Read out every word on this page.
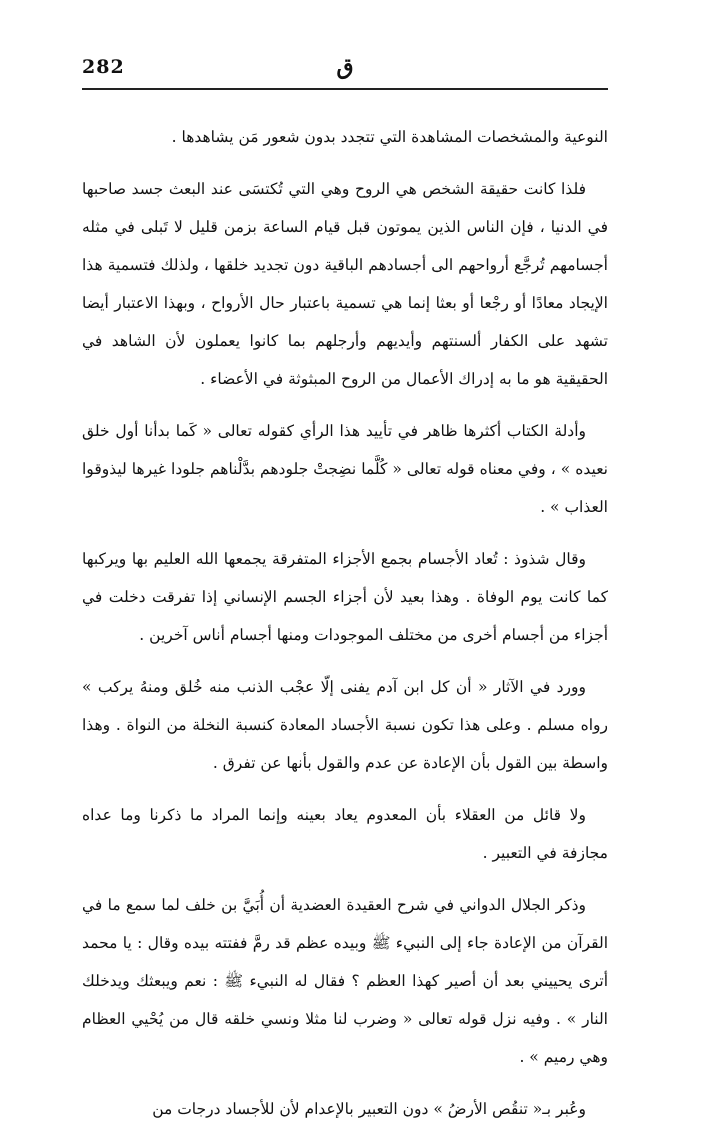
282	ق

النوعية والمشخصات المشاهدة التي تتجدد بدون شعور مَن يشاهدها .

فلذا كانت حقيقة الشخص هي الروح وهي التي تُكتسَى عند البعث جسد صاحبها في الدنيا ، فإن الناس الذين يموتون قبل قيام الساعة بزمن قليل لا تَبلى في مثله أجسامهم تُرجَّع أرواحهم الى أجسادهم الباقية دون تجديد خلقها ، ولذلك فتسمية هذا الإيجاد معادًا أو رجْعا أو بعثا إنما هي تسمية باعتبار حال الأرواح ، وبهذا الاعتبار أيضا تشهد على الكفار ألسنتهم وأيديهم وأرجلهم بما كانوا يعملون لأن الشاهد في الحقيقية هو ما به إدراك الأعمال من الروح المبثوثة في الأعضاء .

وأدلة الكتاب أكثرها ظاهر في تأييد هذا الرأي كقوله تعالى « كَما بدأنا أول خلق نعيده » ، وفي معناه قوله تعالى « كُلَّما نضِجتْ جلودهم بدَّلْناهم جلودا غيرها ليذوقوا العذاب » .

وقال شذوذ : تُعاد الأجسام بجمع الأجزاء المتفرقة يجمعها الله العليم بها ويركبها كما كانت يوم الوفاة . وهذا بعيد لأن أجزاء الجسم الإنساني إذا تفرقت دخلت في أجزاء من أجسام أخرى من مختلف الموجودات ومنها أجسام أناس آخرين .

وورد في الآثار « أن كل ابن آدم يفنى إلّا عجْب الذنب منه خُلق ومنهُ يركب » رواه مسلم . وعلى هذا تكون نسبة الأجساد المعادة كنسبة النخلة من النواة . وهذا واسطة بين القول بأن الإعادة عن عدم والقول بأنها عن تفرق .

ولا قائل من العقلاء بأن المعدوم يعاد بعينه وإنما المراد ما ذكرنا وما عداه مجازفة في التعبير .

وذكر الجلال الدواني في شرح العقيدة العضدية أن أُبَيَّ بن خلف لما سمع ما في القرآن من الإعادة جاء إلى النبيء ﷺ وبيده عظم قد رمَّ ففتته بيده وقال : يا محمد أترى يحييني بعد أن أصير كهذا العظم ؟ فقال له النبيء ﷺ : نعم ويبعثك ويدخلك النار » . وفيه نزل قوله تعالى « وضرب لنا مثلا ونسي خلقه قال من يُحْيي العظام وهي رميم » .

وعُبر بـ« تنقُص الأرضُ » دون التعبير بالإعدام لأن للأجساد درجات من
